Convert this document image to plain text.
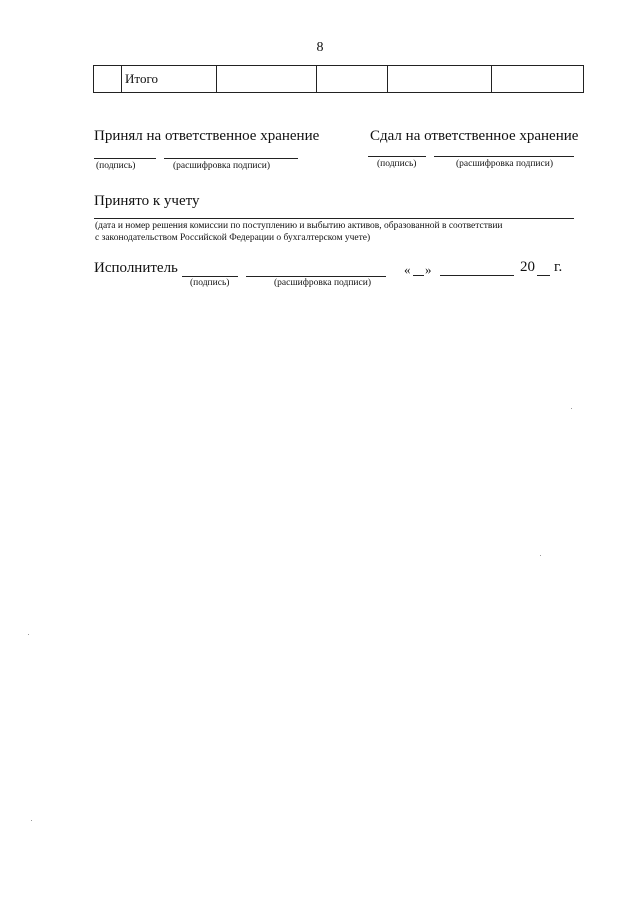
8
	Итого				
Принял на ответственное хранение
(подпись)	(расшифровка подписи)
Сдал на ответственное хранение
(подпись)	(расшифровка подписи)
Принято к учету
(дата и номер решения комиссии по поступлению и выбытию активов, образованной в соответствии
с законодательством Российской Федерации о бухгалтерском учете)
Исполнитель
(подпись)	(расшифровка подписи)
« »	20 г.
